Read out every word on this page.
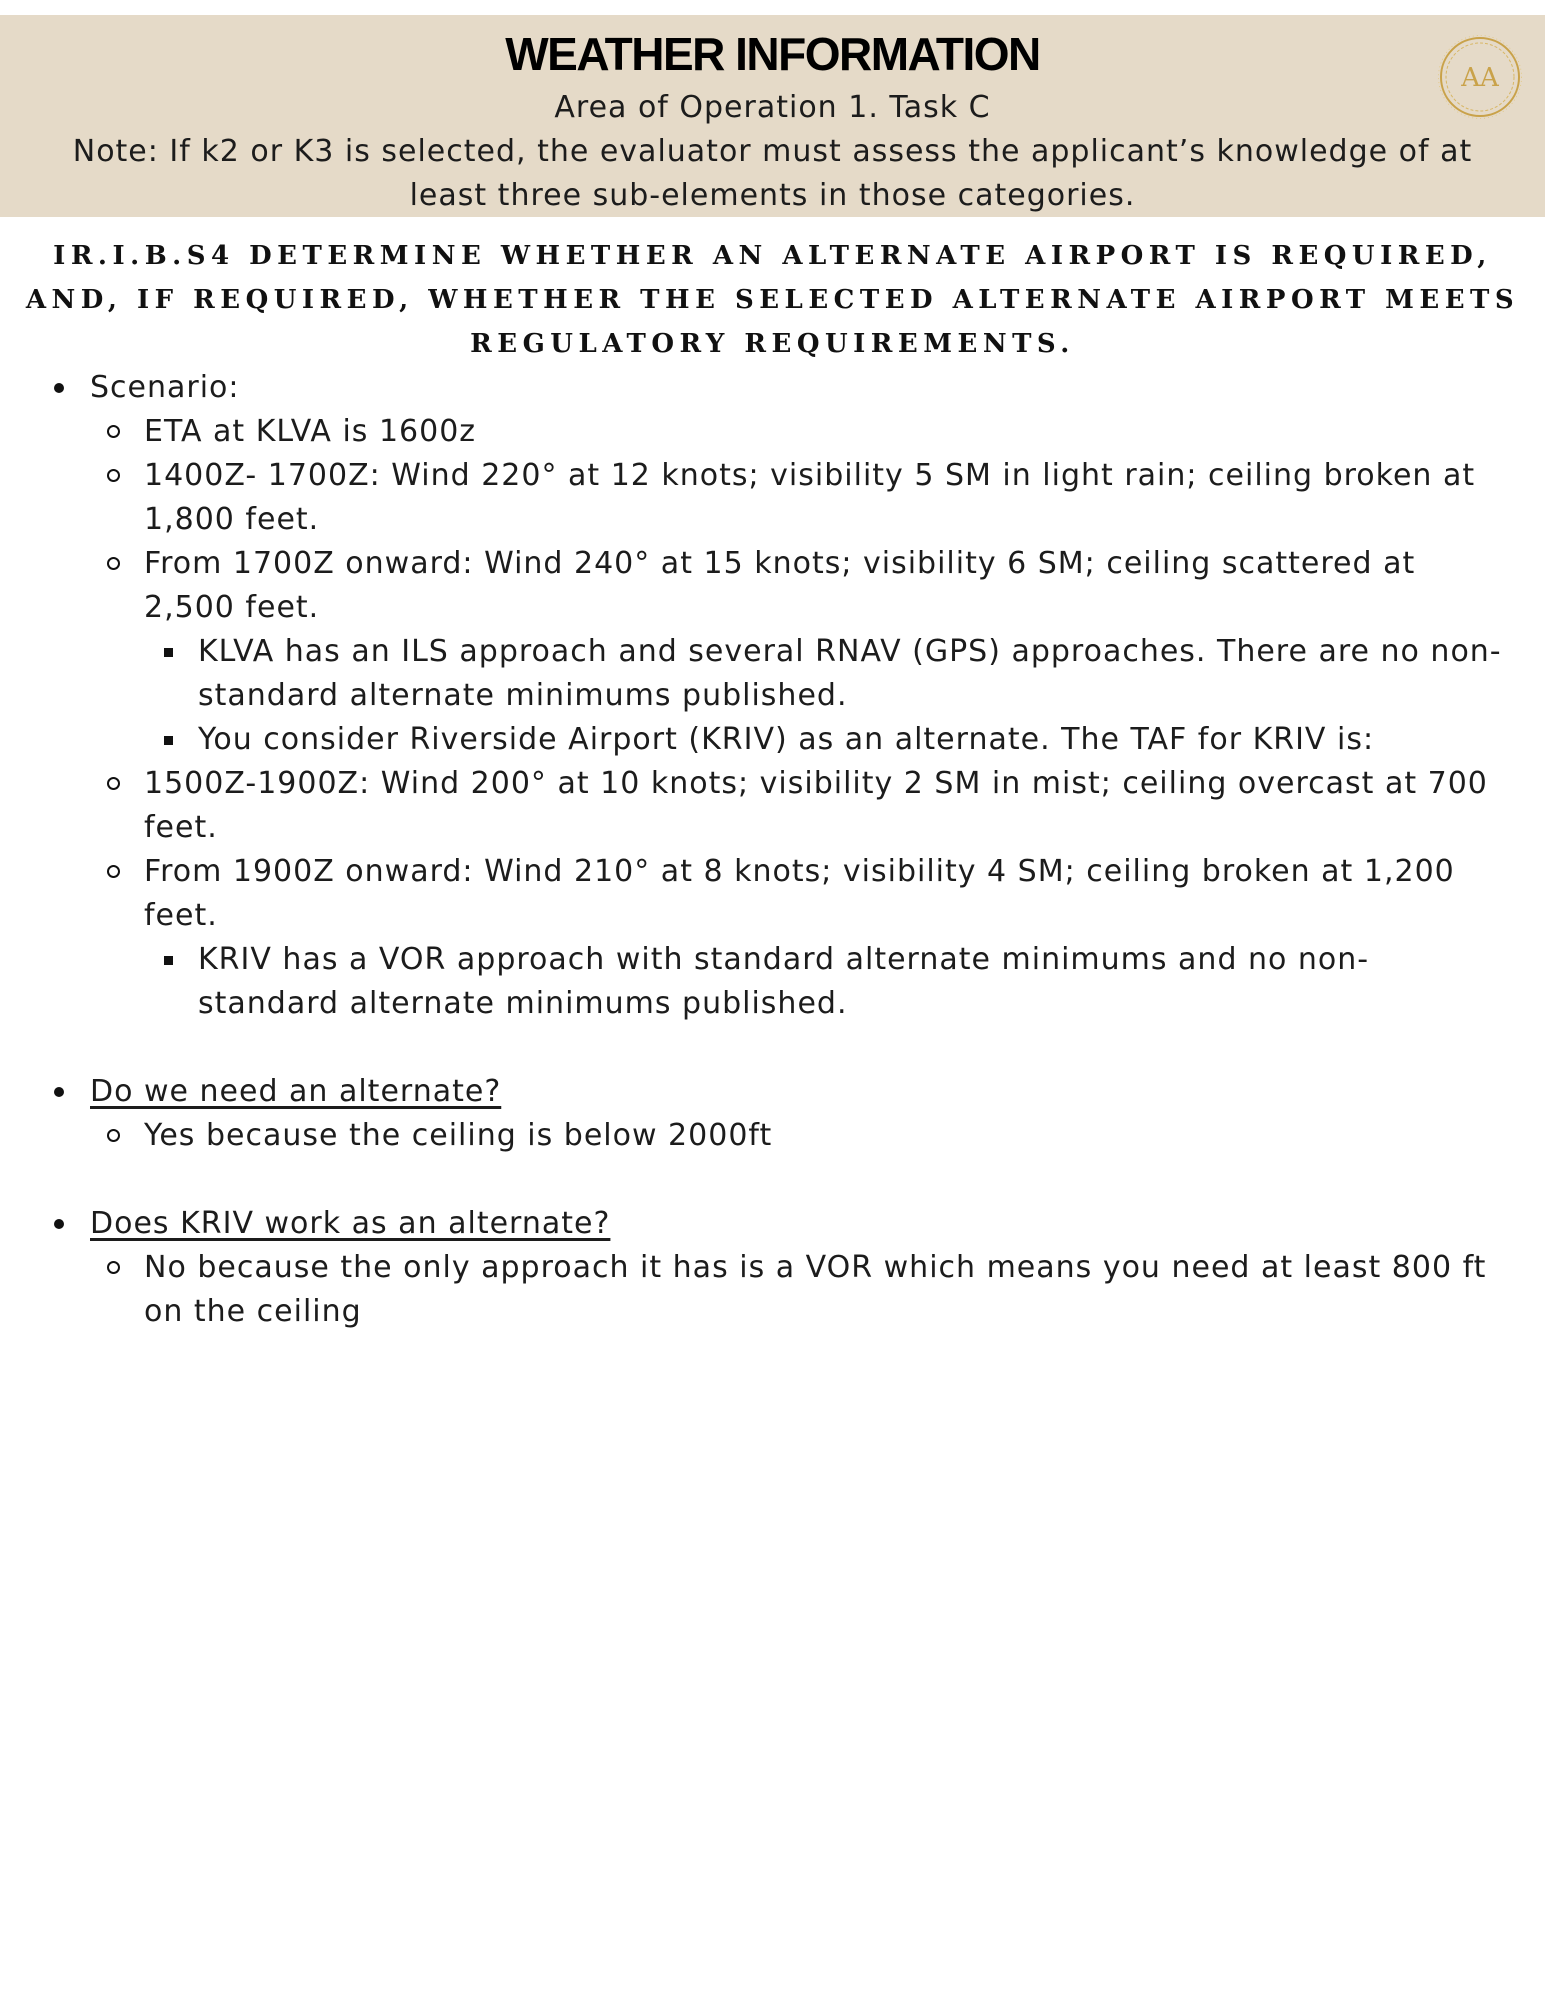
WEATHER INFORMATION
Area of Operation 1. Task C
Note: If k2 or K3 is selected, the evaluator must assess the applicant’s knowledge of at least three sub-elements in those categories.
AA
IR.I.B.S4 DETERMINE WHETHER AN ALTERNATE AIRPORT IS REQUIRED, AND, IF REQUIRED, WHETHER THE SELECTED ALTERNATE AIRPORT MEETS REGULATORY REQUIREMENTS.
Scenario:
ETA at KLVA is 1600z
1400Z- 1700Z: Wind 220° at 12 knots; visibility 5 SM in light rain; ceiling broken at 1,800 feet.
From 1700Z onward: Wind 240° at 15 knots; visibility 6 SM; ceiling scattered at 2,500 feet.
KLVA has an ILS approach and several RNAV (GPS) approaches. There are no non-standard alternate minimums published.
You consider Riverside Airport (KRIV) as an alternate. The TAF for KRIV is:
1500Z-1900Z: Wind 200° at 10 knots; visibility 2 SM in mist; ceiling overcast at 700 feet.
From 1900Z onward: Wind 210° at 8 knots; visibility 4 SM; ceiling broken at 1,200 feet.
KRIV has a VOR approach with standard alternate minimums and no non-standard alternate minimums published.
Do we need an alternate?
Yes because the ceiling is below 2000ft
Does KRIV work as an alternate?
No because the only approach it has is a VOR which means you need at least 800 ft on the ceiling
